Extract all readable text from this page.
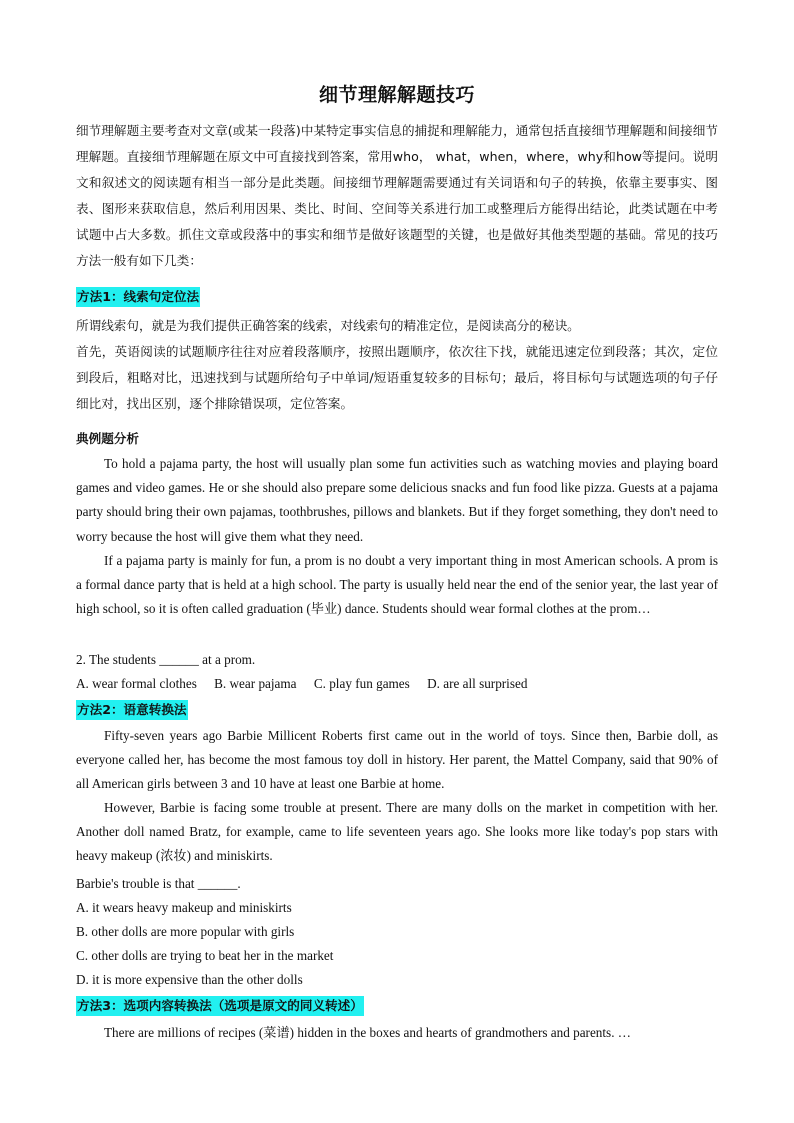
细节理解解题技巧
细节理解题主要考查对文章(或某一段落)中某特定事实信息的捕捉和理解能力，通常包括直接细节理解题和间接细节理解题。直接细节理解题在原文中可直接找到答案，常用who， what，when，where，why和how等提问。说明文和叙述文的阅读题有相当一部分是此类题。间接细节理解题需要通过有关词语和句子的转换，依靠主要事实、图表、图形来获取信息，然后利用因果、类比、时间、空间等关系进行加工或整理后方能得出结论，此类试题在中考试题中占大多数。抓住文章或段落中的事实和细节是做好该题型的关键，也是做好其他类型题的基础。常见的技巧方法一般有如下几类：
方法1：线索句定位法
所谓线索句，就是为我们提供正确答案的线索，对线索句的精准定位，是阅读高分的秘诀。
首先，英语阅读的试题顺序往往对应着段落顺序，按照出题顺序，依次往下找，就能迅速定位到段落；其次，定位到段后，粗略对比，迅速找到与试题所给句子中单词/短语重复较多的目标句；最后，将目标句与试题选项的句子仔细比对，找出区别，逐个排除错误项，定位答案。
典例题分析
To hold a pajama party, the host will usually plan some fun activities such as watching movies and playing board games and video games. He or she should also prepare some delicious snacks and fun food like pizza. Guests at a pajama party should bring their own pajamas, toothbrushes, pillows and blankets. But if they forget something, they don't need to worry because the host will give them what they need.
If a pajama party is mainly for fun, a prom is no doubt a very important thing in most American schools. A prom is a formal dance party that is held at a high school. The party is usually held near the end of the senior year, the last year of high school, so it is often called graduation (毕业) dance. Students should wear formal clothes at the prom…
2. The students ______ at a prom.
A. wear formal clothes B. wear pajama C. play fun games D. are all surprised
方法2：语意转换法
Fifty-seven years ago Barbie Millicent Roberts first came out in the world of toys. Since then, Barbie doll, as everyone called her, has become the most famous toy doll in history. Her parent, the Mattel Company, said that 90% of all American girls between 3 and 10 have at least one Barbie at home.
However, Barbie is facing some trouble at present. There are many dolls on the market in competition with her. Another doll named Bratz, for example, came to life seventeen years ago. She looks more like today's pop stars with heavy makeup (浓妆) and miniskirts.
Barbie's trouble is that ______.
A. it wears heavy makeup and miniskirts
B. other dolls are more popular with girls
C. other dolls are trying to beat her in the market
D. it is more expensive than the other dolls
方法3：选项内容转换法（选项是原文的同义转述）
There are millions of recipes (菜谱) hidden in the boxes and hearts of grandmothers and parents. …
